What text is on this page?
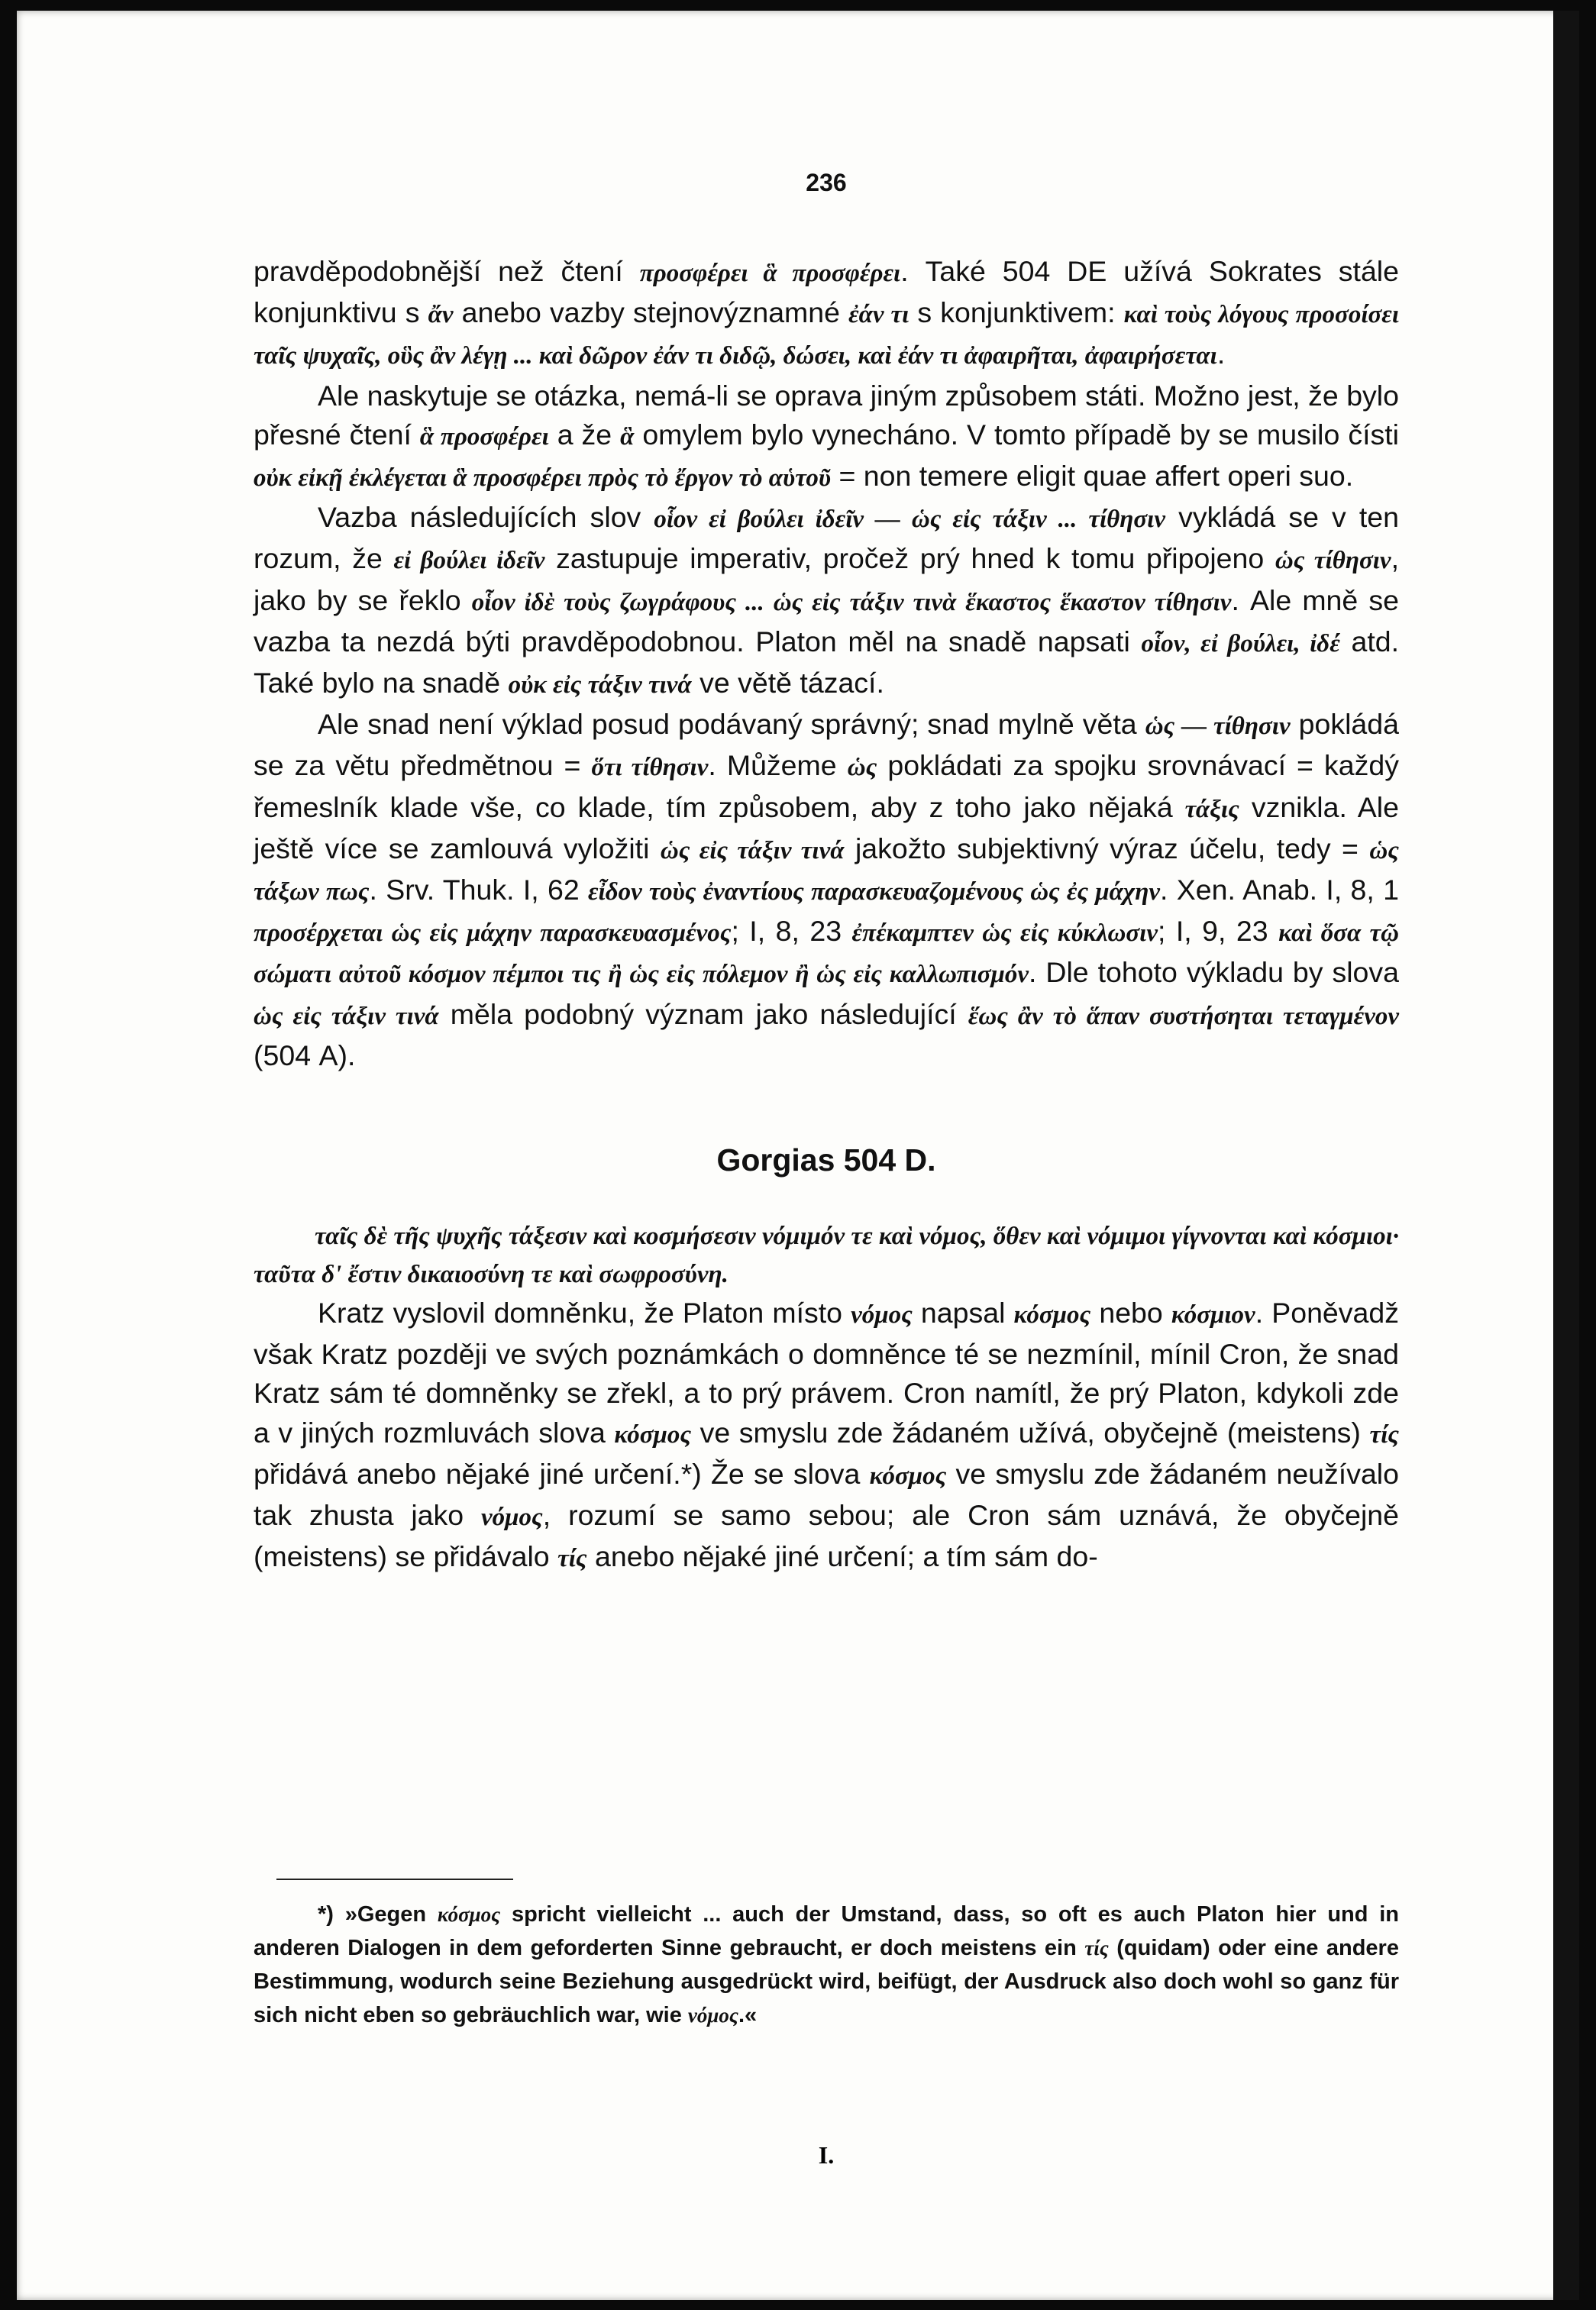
236

pravděpodobnější než čtení προσφέρει ἃ προσφέρει. Také 504 DE užívá Sokrates stále konjunktivu s ἄν anebo vazby stejnovýznamné ἐάν τι s konjunktivem: καὶ τοὺς λόγους προσοίσει ταῖς ψυχαῖς, οὓς ἂν λέγῃ ... καὶ δῶρον ἐάν τι διδῷ, δώσει, καὶ ἐάν τι ἀφαιρῆται, ἀφαιρήσεται.

Ale naskytuje se otázka, nemá-li se oprava jiným způsobem státi. Možno jest, že bylo přesné čtení ἃ προσφέρει a že ἃ omylem bylo vynecháno. V tomto případě by se musilo čísti οὐκ εἰκῇ ἐκλέγεται ἃ προσφέρει πρὸς τὸ ἔργον τὸ αὑτοῦ = non temere eligit quae affert operi suo.

Vazba následujících slov οἷον εἰ βούλει ἰδεῖν — ὡς εἰς τάξιν ... τίθησιν vykládá se v ten rozum, že εἰ βούλει ἰδεῖν zastupuje imperativ, pročež prý hned k tomu připojeno ὡς τίθησιν, jako by se řeklo οἷον ἰδὲ τοὺς ζωγράφους ... ὡς εἰς τάξιν τινὰ ἕκαστος ἕκαστον τίθησιν. Ale mně se vazba ta nezdá býti pravděpodobnou. Platon měl na snadě napsati οἷον, εἰ βούλει, ἰδέ atd. Také bylo na snadě οὐκ εἰς τάξιν τινά ve větě tázací.

Ale snad není výklad posud podávaný správný; snad mylně věta ὡς — τίθησιν pokládá se za větu předmětnou = ὅτι τίθησιν. Můžeme ὡς pokládati za spojku srovnávací = každý řemeslník klade vše, co klade, tím způsobem, aby z toho jako nějaká τάξις vznikla. Ale ještě více se zamlouvá vyložiti ὡς εἰς τάξιν τινά jakožto subjektivný výraz účelu, tedy = ὡς τάξων πως. Srv. Thuk. I, 62 εἶδον τοὺς ἐναντίους παρασκευαζομένους ὡς ἐς μάχην. Xen. Anab. I, 8, 1 προσέρχεται ὡς εἰς μάχην παρασκευασμένος; I, 8, 23 ἐπέκαμπτεν ὡς εἰς κύκλωσιν; I, 9, 23 καὶ ὅσα τῷ σώματι αὐτοῦ κόσμον πέμποι τις ἢ ὡς εἰς πόλεμον ἢ ὡς εἰς καλλωπισμόν. Dle tohoto výkladu by slova ὡς εἰς τάξιν τινά měla podobný význam jako následující ἕως ἂν τὸ ἅπαν συστήσηται τεταγμένον (504 A).

Gorgias 504 D.

ταῖς δὲ τῆς ψυχῆς τάξεσιν καὶ κοσμήσεσιν νόμιμόν τε καὶ νόμος, ὅθεν καὶ νόμιμοι γίγνονται καὶ κόσμιοι· ταῦτα δ' ἔστιν δικαιοσύνη τε καὶ σωφροσύνη.

Kratz vyslovil domněnku, že Platon místo νόμος napsal κόσμος nebo κόσμιον. Poněvadž však Kratz později ve svých poznámkách o domněnce té se nezmínil, mínil Cron, že snad Kratz sám té domněnky se zřekl, a to prý právem. Cron namítl, že prý Platon, kdykoli zde a v jiných rozmluvách slova κόσμος ve smyslu zde žádaném užívá, obyčejně (meistens) τίς přidává anebo nějaké jiné určení.*) Že se slova κόσμος ve smyslu zde žádaném neužívalo tak zhusta jako νόμος, rozumí se samo sebou; ale Cron sám uznává, že obyčejně (meistens) se přidávalo τίς anebo nějaké jiné určení; a tím sám do-

*) »Gegen κόσμος spricht vielleicht ... auch der Umstand, dass, so oft es auch Platon hier und in anderen Dialogen in dem geforderten Sinne gebraucht, er doch meistens ein τίς (quidam) oder eine andere Bestimmung, wodurch seine Beziehung ausgedrückt wird, beifügt, der Ausdruck also doch wohl so ganz für sich nicht eben so gebräuchlich war, wie νόμος.«

I.
